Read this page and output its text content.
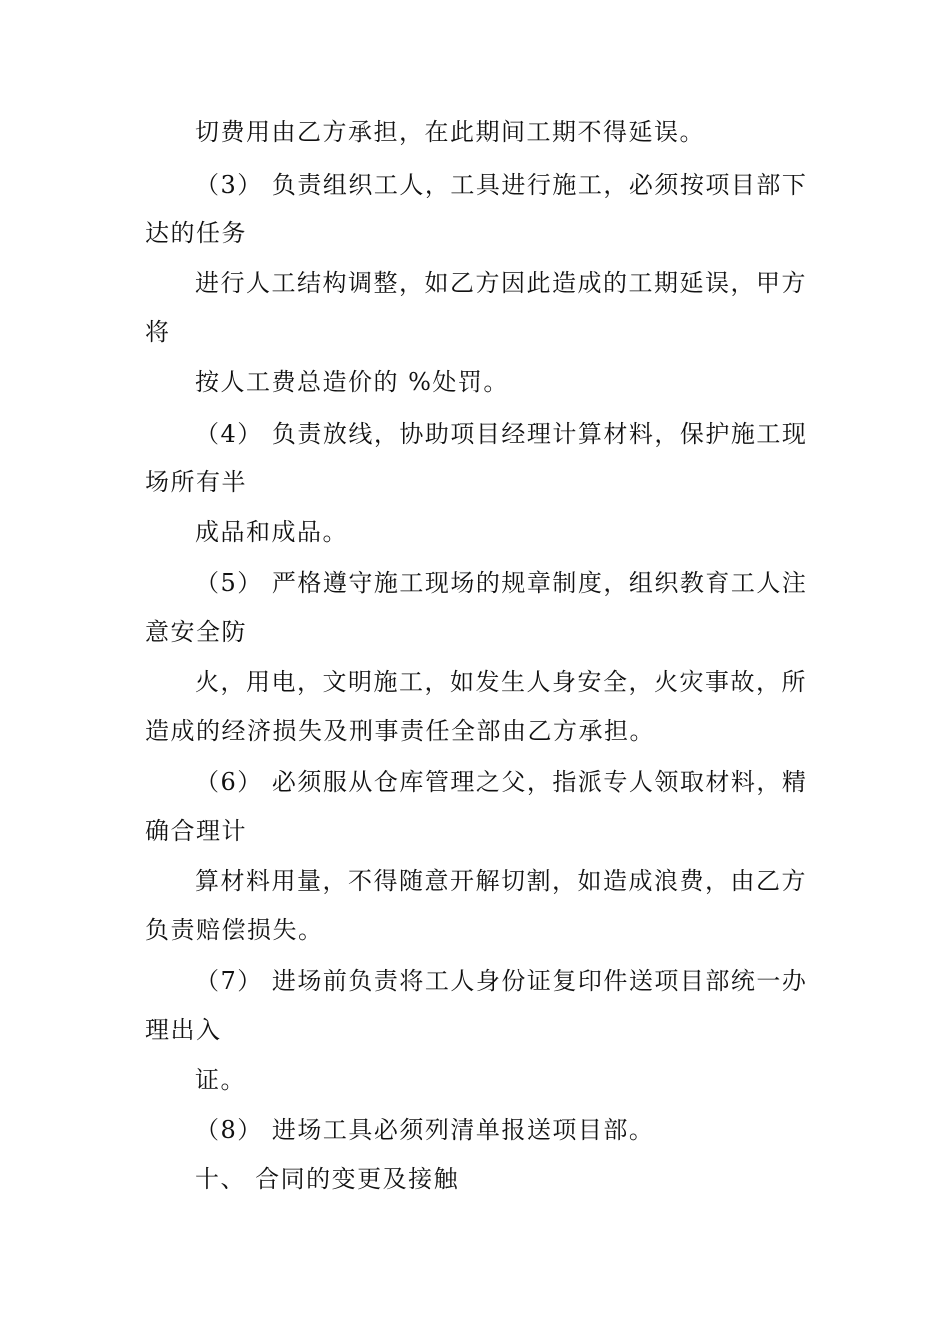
切费用由乙方承担，在此期间工期不得延误。
（3） 负责组织工人，工具进行施工，必须按项目部下
达的任务
进行人工结构调整，如乙方因此造成的工期延误，甲方
将
按人工费总造价的 %处罚。
（4） 负责放线，协助项目经理计算材料，保护施工现
场所有半
成品和成品。
（5） 严格遵守施工现场的规章制度，组织教育工人注
意安全防
火，用电，文明施工，如发生人身安全，火灾事故，所
造成的经济损失及刑事责任全部由乙方承担。
（6） 必须服从仓库管理之父，指派专人领取材料，精
确合理计
算材料用量，不得随意开解切割，如造成浪费，由乙方
负责赔偿损失。
（7） 进场前负责将工人身份证复印件送项目部统一办
理出入
证。
（8） 进场工具必须列清单报送项目部。
十、 合同的变更及接触
